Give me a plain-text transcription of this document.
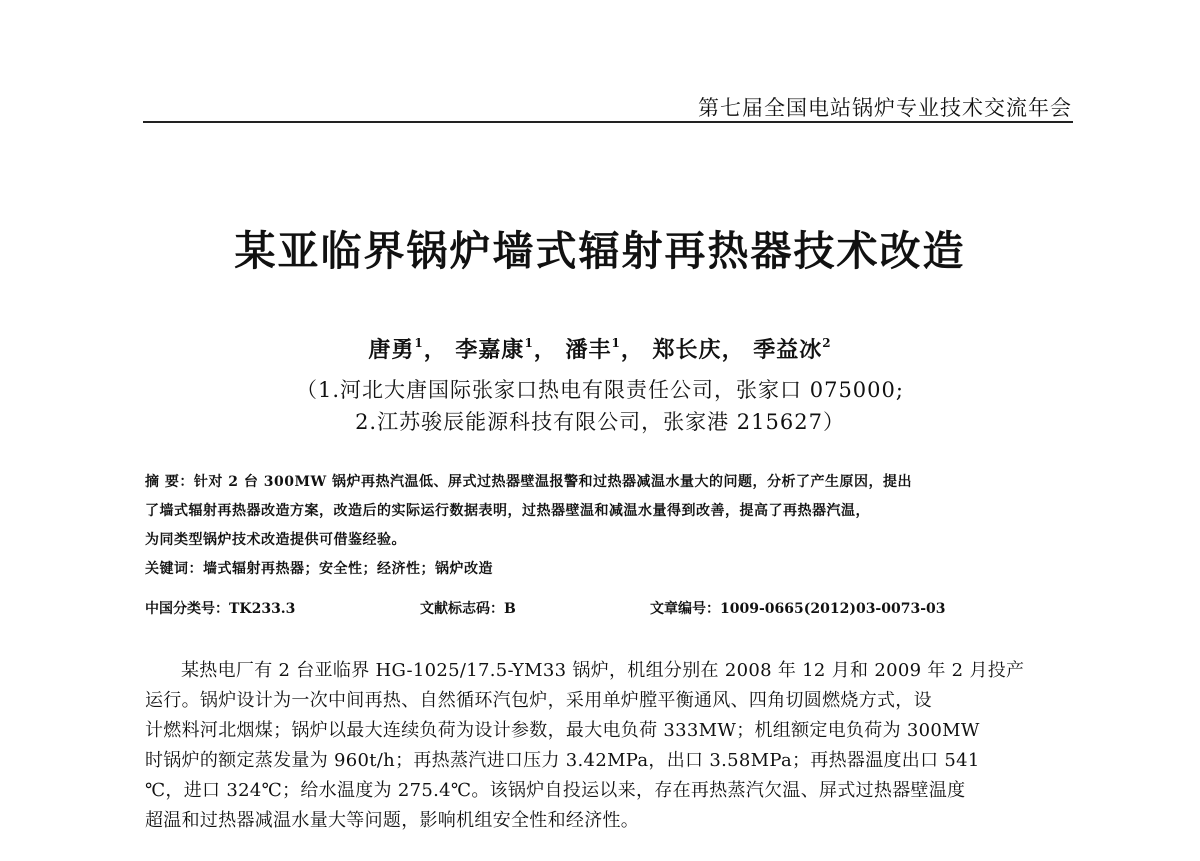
第七届全国电站锅炉专业技术交流年会
某亚临界锅炉墙式辐射再热器技术改造
唐勇$^1$， 李嘉康$^1$， 潘丰$^1$， 郑长庆， 季益冰$^2$
（1.河北大唐国际张家口热电有限责任公司，张家口 075000;
2.江苏骏辰能源科技有限公司，张家港 215627）
摘 要：针对 2 台 300MW 锅炉再热汽温低、屏式过热器壁温报警和过热器减温水量大的问题，分析了产生原因，提出
了墙式辐射再热器改造方案，改造后的实际运行数据表明，过热器壁温和减温水量得到改善，提高了再热器汽温，
为同类型锅炉技术改造提供可借鉴经验。
关键词：墙式辐射再热器；安全性；经济性；锅炉改造
中国分类号：TK233.3	文献标志码：B	文章编号：1009-0665(2012)03-0073-03
某热电厂有 2 台亚临界 HG-1025/17.5-YM33 锅炉，机组分别在 2008 年 12 月和 2009 年 2 月投产
运行。锅炉设计为一次中间再热、自然循环汽包炉，采用单炉膛平衡通风、四角切圆燃烧方式，设
计燃料河北烟煤；锅炉以最大连续负荷为设计参数，最大电负荷 333MW；机组额定电负荷为 300MW
时锅炉的额定蒸发量为 960t/h；再热蒸汽进口压力 3.42MPa，出口 3.58MPa；再热器温度出口 541
℃，进口 324℃；给水温度为 275.4℃。该锅炉自投运以来，存在再热蒸汽欠温、屏式过热器壁温度
超温和过热器减温水量大等问题，影响机组安全性和经济性。
